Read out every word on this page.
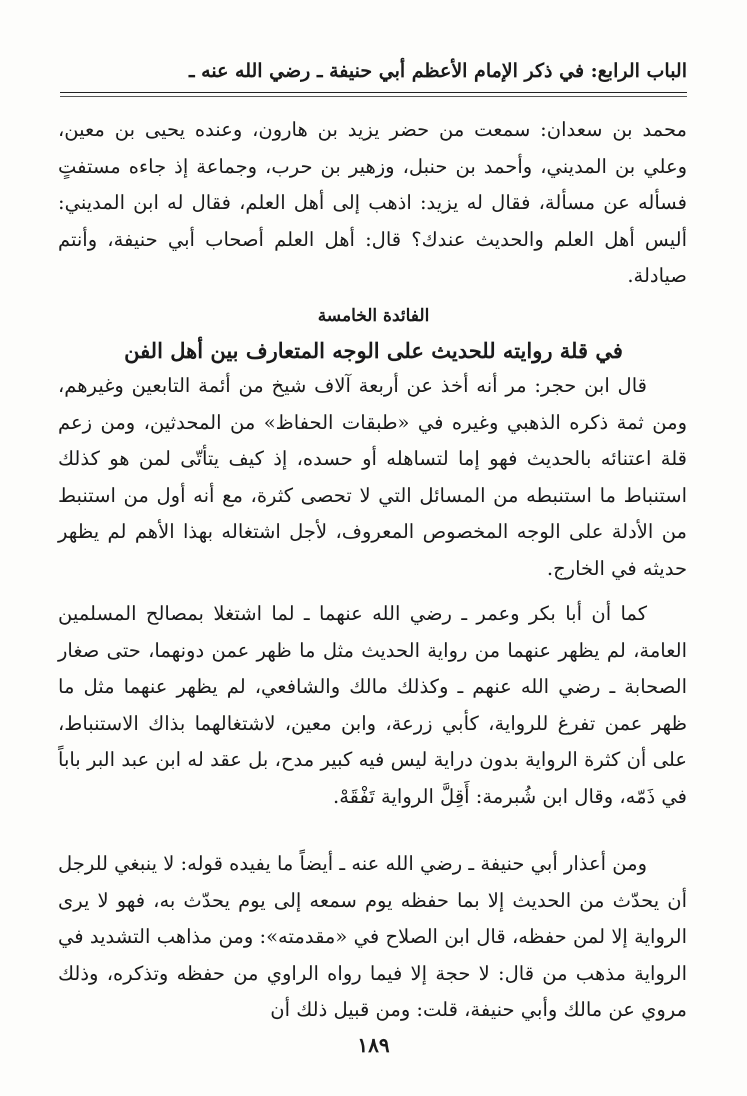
الباب الرابع: في ذكر الإمام الأعظم أبي حنيفة ـ رضي الله عنه ـ

محمد بن سعدان: سمعت من حضر يزيد بن هارون، وعنده يحيى بن معين، وعلي بن المديني، وأحمد بن حنبل، وزهير بن حرب، وجماعة إذ جاءه مستفتٍ فسأله عن مسألة، فقال له يزيد: اذهب إلى أهل العلم، فقال له ابن المديني: أليس أهل العلم والحديث عندك؟ قال: أهل العلم أصحاب أبي حنيفة، وأنتم صيادلة.

الفائدة الخامسة
في قلة روايته للحديث على الوجه المتعارف بين أهل الفن

قال ابن حجر: مر أنه أخذ عن أربعة آلاف شيخ من أئمة التابعين وغيرهم، ومن ثمة ذكره الذهبي وغيره في «طبقات الحفاظ» من المحدثين، ومن زعم قلة اعتنائه بالحديث فهو إما لتساهله أو حسده، إذ كيف يتأتّى لمن هو كذلك استنباط ما استنبطه من المسائل التي لا تحصى كثرة، مع أنه أول من استنبط من الأدلة على الوجه المخصوص المعروف، لأجل اشتغاله بهذا الأهم لم يظهر حديثه في الخارج.

كما أن أبا بكر وعمر ـ رضي الله عنهما ـ لما اشتغلا بمصالح المسلمين العامة، لم يظهر عنهما من رواية الحديث مثل ما ظهر عمن دونهما، حتى صغار الصحابة ـ رضي الله عنهم ـ وكذلك مالك والشافعي، لم يظهر عنهما مثل ما ظهر عمن تفرغ للرواية، كأبي زرعة، وابن معين، لاشتغالهما بذاك الاستنباط، على أن كثرة الرواية بدون دراية ليس فيه كبير مدح، بل عقد له ابن عبد البر باباً في ذَمّه، وقال ابن شُبرمة: أَقِلَّ الرواية تَفْقَهْ.

ومن أعذار أبي حنيفة ـ رضي الله عنه ـ أيضاً ما يفيده قوله: لا ينبغي للرجل أن يحدّث من الحديث إلا بما حفظه يوم سمعه إلى يوم يحدّث به، فهو لا يرى الرواية إلا لمن حفظه، قال ابن الصلاح في «مقدمته»: ومن مذاهب التشديد في الرواية مذهب من قال: لا حجة إلا فيما رواه الراوي من حفظه وتذكره، وذلك مروي عن مالك وأبي حنيفة، قلت: ومن قبيل ذلك أن

١٨٩
